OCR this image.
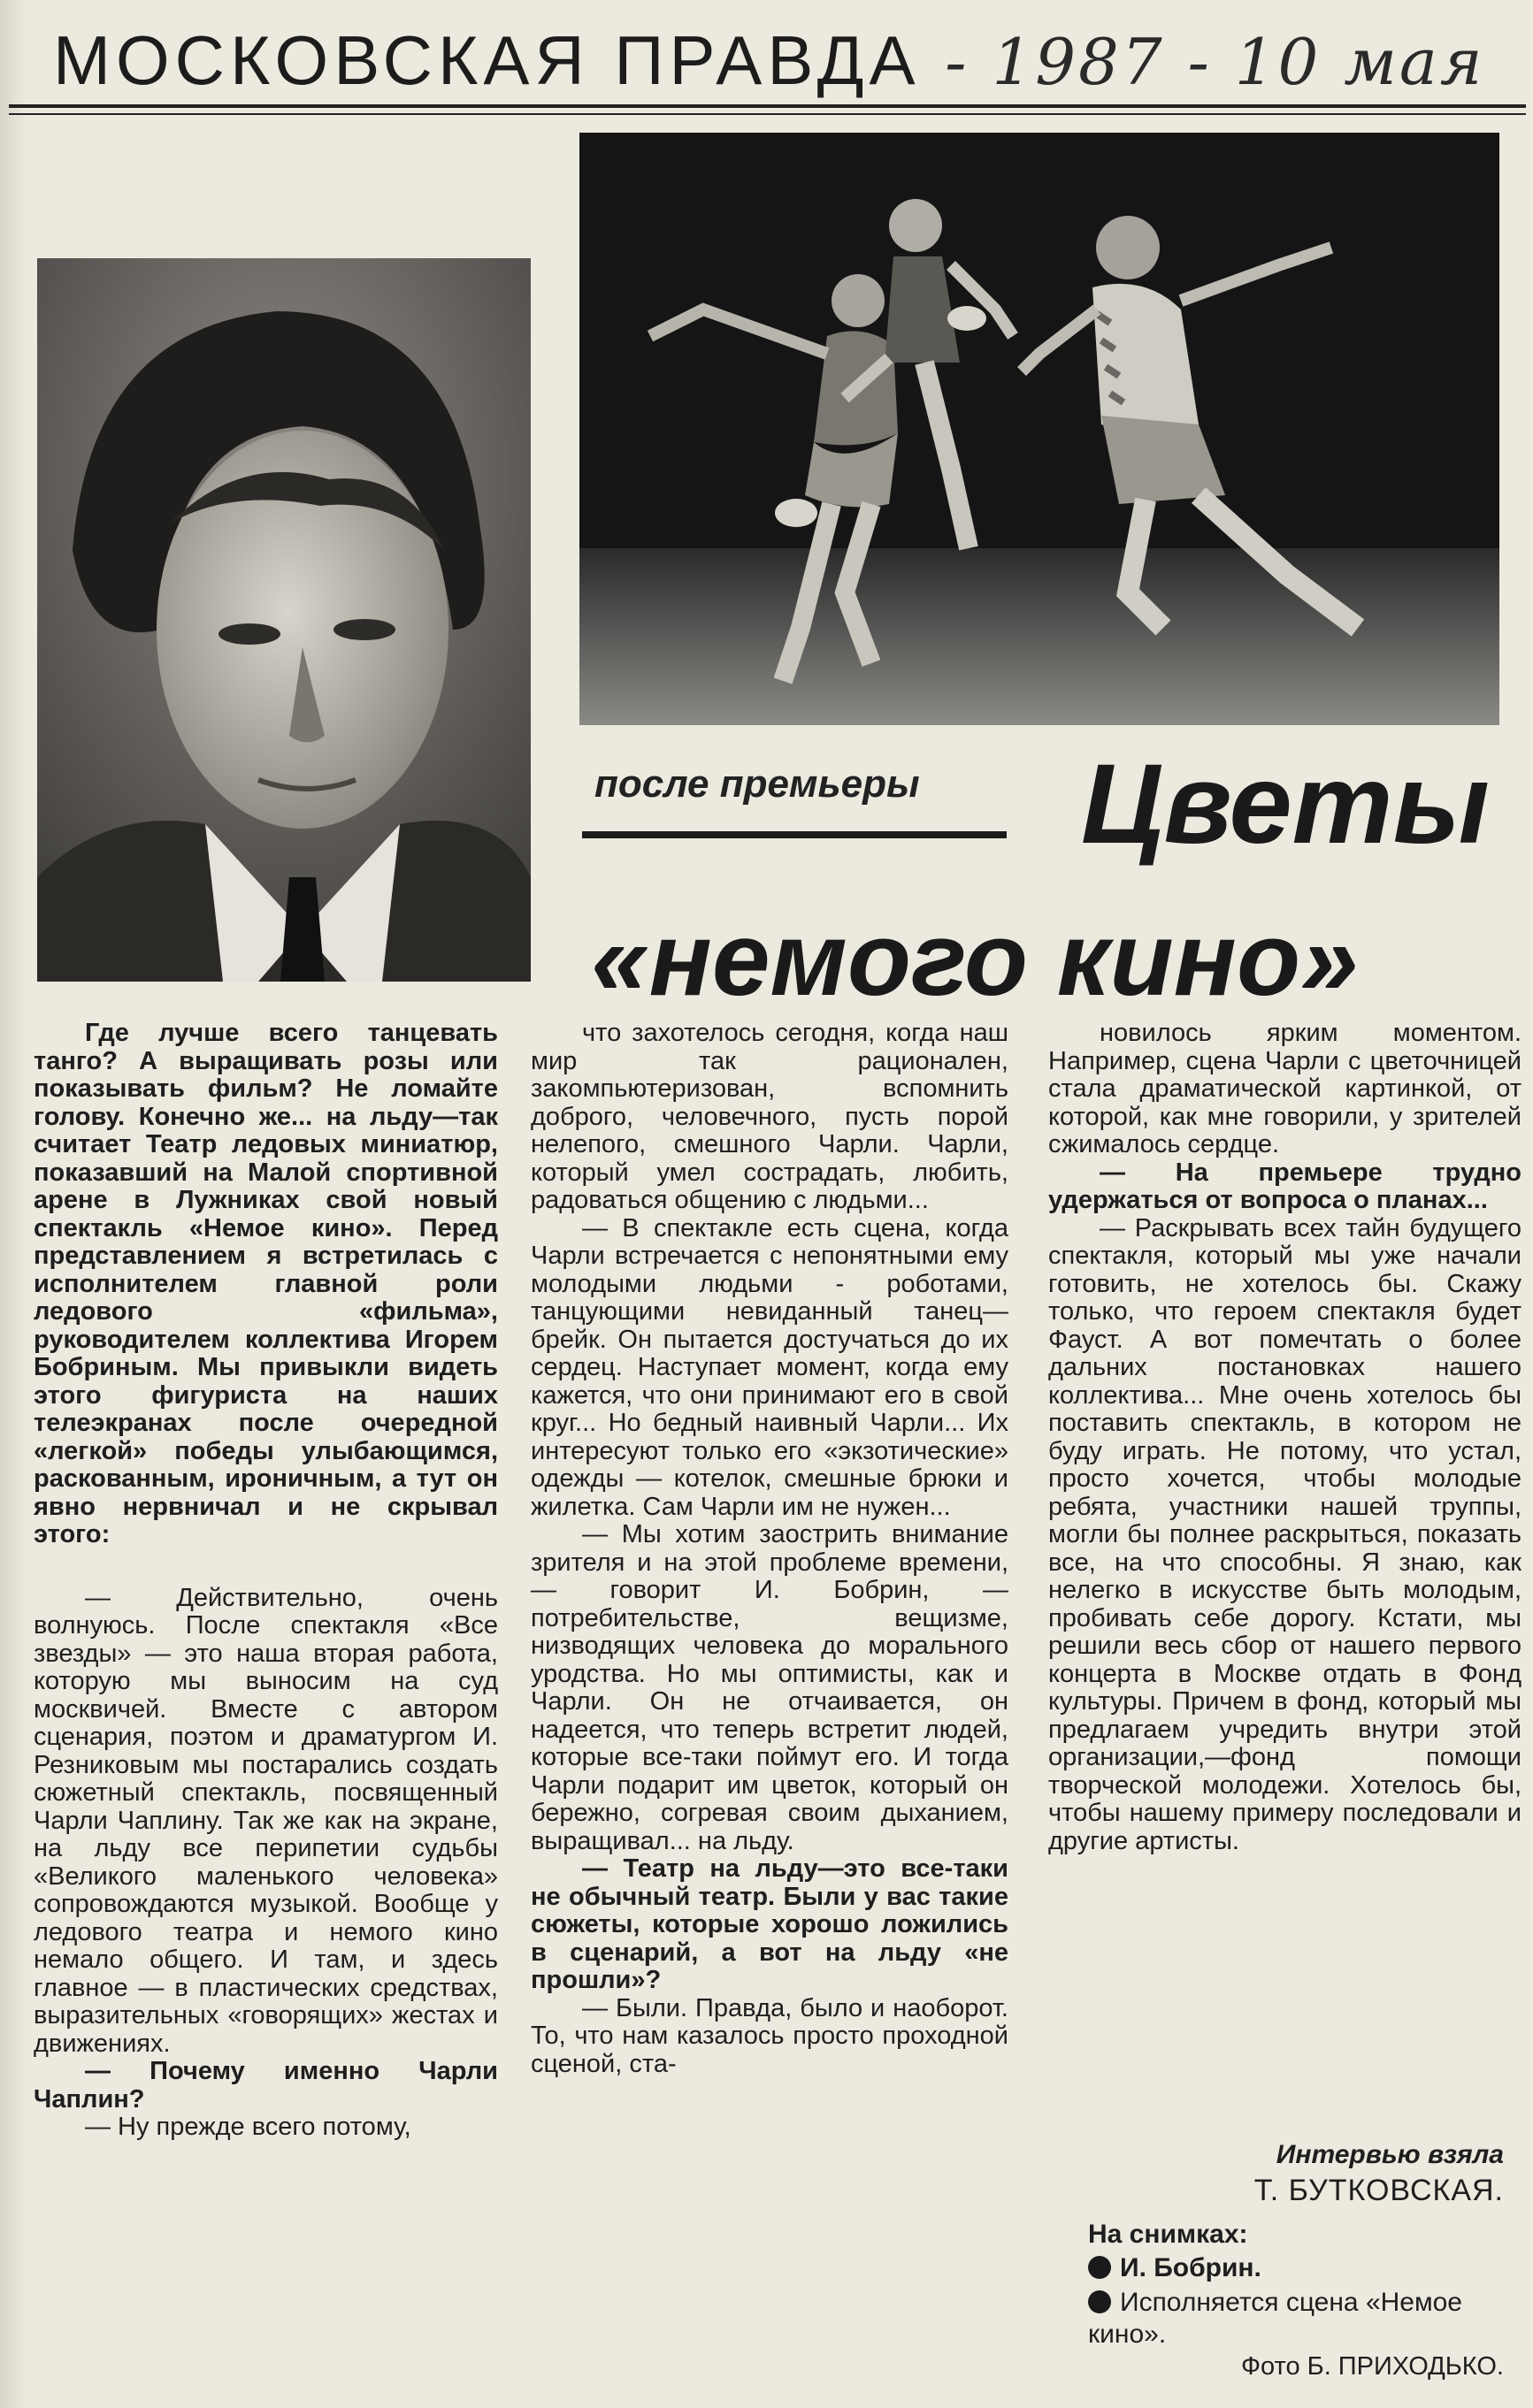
МОСКОВСКАЯ ПРАВДА - 1987 - 10 мая
после премьеры	Цветы
«немого кино»

Где лучше всего танцевать танго? А выращивать розы или показывать фильм? Не ломайте голову. Конечно же... на льду—так считает Театр ледовых миниатюр, показавший на Малой спортивной арене в Лужниках свой новый спектакль «Немое кино». Перед представлением я встретилась с исполнителем главной роли ледового «фильма», руководителем коллектива Игорем Бобриным. Мы привыкли видеть этого фигуриста на наших телеэкранах после очередной «легкой» победы улыбающимся, раскованным, ироничным, а тут он явно нервничал и не скрывал этого:

— Действительно, очень волнуюсь. После спектакля «Все звезды» — это наша вторая работа, которую мы выносим на суд москвичей. Вместе с автором сценария, поэтом и драматургом И. Резниковым мы постарались создать сюжетный спектакль, посвященный Чарли Чаплину. Так же как на экране, на льду все перипетии судьбы «Великого маленького человека» сопровождаются музыкой. Вообще у ледового театра и немого кино немало общего. И там, и здесь главное — в пластических средствах, выразительных «говорящих» жестах и движениях.

— Почему именно Чарли Чаплин?

— Ну прежде всего потому,

что захотелось сегодня, когда наш мир так рационален, закомпьютеризован, вспомнить доброго, человечного, пусть порой нелепого, смешного Чарли. Чарли, который умел сострадать, любить, радоваться общению с людьми...

— В спектакле есть сцена, когда Чарли встречается с непонятными ему молодыми людьми - роботами, танцующими невиданный танец—брейк. Он пытается достучаться до их сердец. Наступает момент, когда ему кажется, что они принимают его в свой круг... Но бедный наивный Чарли... Их интересуют только его «экзотические» одежды — котелок, смешные брюки и жилетка. Сам Чарли им не нужен...

— Мы хотим заострить внимание зрителя и на этой проблеме времени, — говорит И. Бобрин, — потребительстве, вещизме, низводящих человека до морального уродства. Но мы оптимисты, как и Чарли. Он не отчаивается, он надеется, что теперь встретит людей, которые все-таки поймут его. И тогда Чарли подарит им цветок, который он бережно, согревая своим дыханием, выращивал... на льду.

— Театр на льду—это все-таки не обычный театр. Были у вас такие сюжеты, которые хорошо ложились в сценарий, а вот на льду «не прошли»?

— Были. Правда, было и наоборот. То, что нам казалось просто проходной сценой, ста-

новилось ярким моментом. Например, сцена Чарли с цветочницей стала драматической картинкой, от которой, как мне говорили, у зрителей сжималось сердце.

— На премьере трудно удержаться от вопроса о планах...

— Раскрывать всех тайн будущего спектакля, который мы уже начали готовить, не хотелось бы. Скажу только, что героем спектакля будет Фауст. А вот помечтать о более дальних постановках нашего коллектива... Мне очень хотелось бы поставить спектакль, в котором не буду играть. Не потому, что устал, просто хочется, чтобы молодые ребята, участники нашей труппы, могли бы полнее раскрыться, показать все, на что способны. Я знаю, как нелегко в искусстве быть молодым, пробивать себе дорогу. Кстати, мы решили весь сбор от нашего первого концерта в Москве отдать в Фонд культуры. Причем в фонд, который мы предлагаем учредить внутри этой организации,—фонд помощи творческой молодежи. Хотелось бы, чтобы нашему примеру последовали и другие артисты.

Интервью взяла
Т. БУТКОВСКАЯ.
На снимках:
И. Бобрин.
Исполняется сцена «Немое кино».
Фото Б. ПРИХОДЬКО.
